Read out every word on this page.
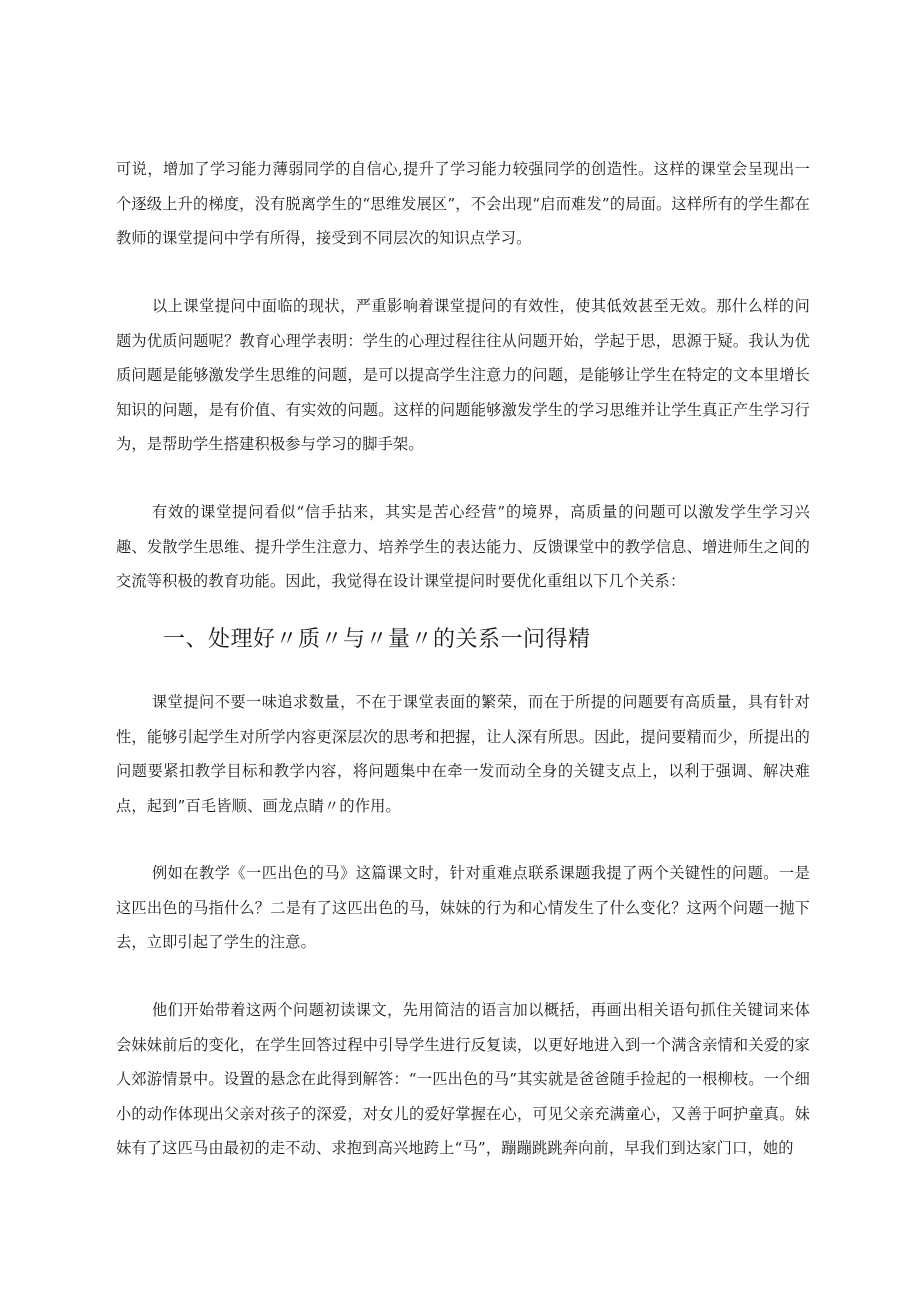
可说，增加了学习能力薄弱同学的自信心,提升了学习能力较强同学的创造性。这样的课堂会呈现出一个逐级上升的梯度，没有脱离学生的“思维发展区”，不会出现“启而难发”的局面。这样所有的学生都在教师的课堂提问中学有所得，接受到不同层次的知识点学习。

以上课堂提问中面临的现状，严重影响着课堂提问的有效性，使其低效甚至无效。那什么样的问题为优质问题呢？教育心理学表明：学生的心理过程往往从问题开始，学起于思，思源于疑。我认为优质问题是能够激发学生思维的问题，是可以提高学生注意力的问题，是能够让学生在特定的文本里增长知识的问题，是有价值、有实效的问题。这样的问题能够激发学生的学习思维并让学生真正产生学习行为，是帮助学生搭建积极参与学习的脚手架。

有效的课堂提问看似“信手拈来，其实是苦心经营”的境界，高质量的问题可以激发学生学习兴趣、发散学生思维、提升学生注意力、培养学生的表达能力、反馈课堂中的教学信息、增进师生之间的交流等积极的教育功能。因此，我觉得在设计课堂提问时要优化重组以下几个关系：

一、处理好〃质〃与〃量〃的关系一问得精

课堂提问不要一味追求数量，不在于课堂表面的繁荣，而在于所提的问题要有高质量，具有针对性，能够引起学生对所学内容更深层次的思考和把握，让人深有所思。因此，提问要精而少，所提出的问题要紧扣教学目标和教学内容，将问题集中在牵一发而动全身的关键支点上，以利于强调、解决难点，起到”百毛皆顺、画龙点睛〃的作用。

例如在教学《一匹出色的马》这篇课文时，针对重难点联系课题我提了两个关键性的问题。一是这匹出色的马指什么？二是有了这匹出色的马，妹妹的行为和心情发生了什么变化？这两个问题一抛下去，立即引起了学生的注意。

他们开始带着这两个问题初读课文，先用简洁的语言加以概括，再画出相关语句抓住关键词来体会妹妹前后的变化，在学生回答过程中引导学生进行反复读，以更好地进入到一个满含亲情和关爱的家人郊游情景中。设置的悬念在此得到解答：“一匹出色的马”其实就是爸爸随手捡起的一根柳枝。一个细小的动作体现出父亲对孩子的深爱，对女儿的爱好掌握在心，可见父亲充满童心，又善于呵护童真。妹妹有了这匹马由最初的走不动、求抱到高兴地跨上“马”，蹦蹦跳跳奔向前，早我们到达家门口，她的
